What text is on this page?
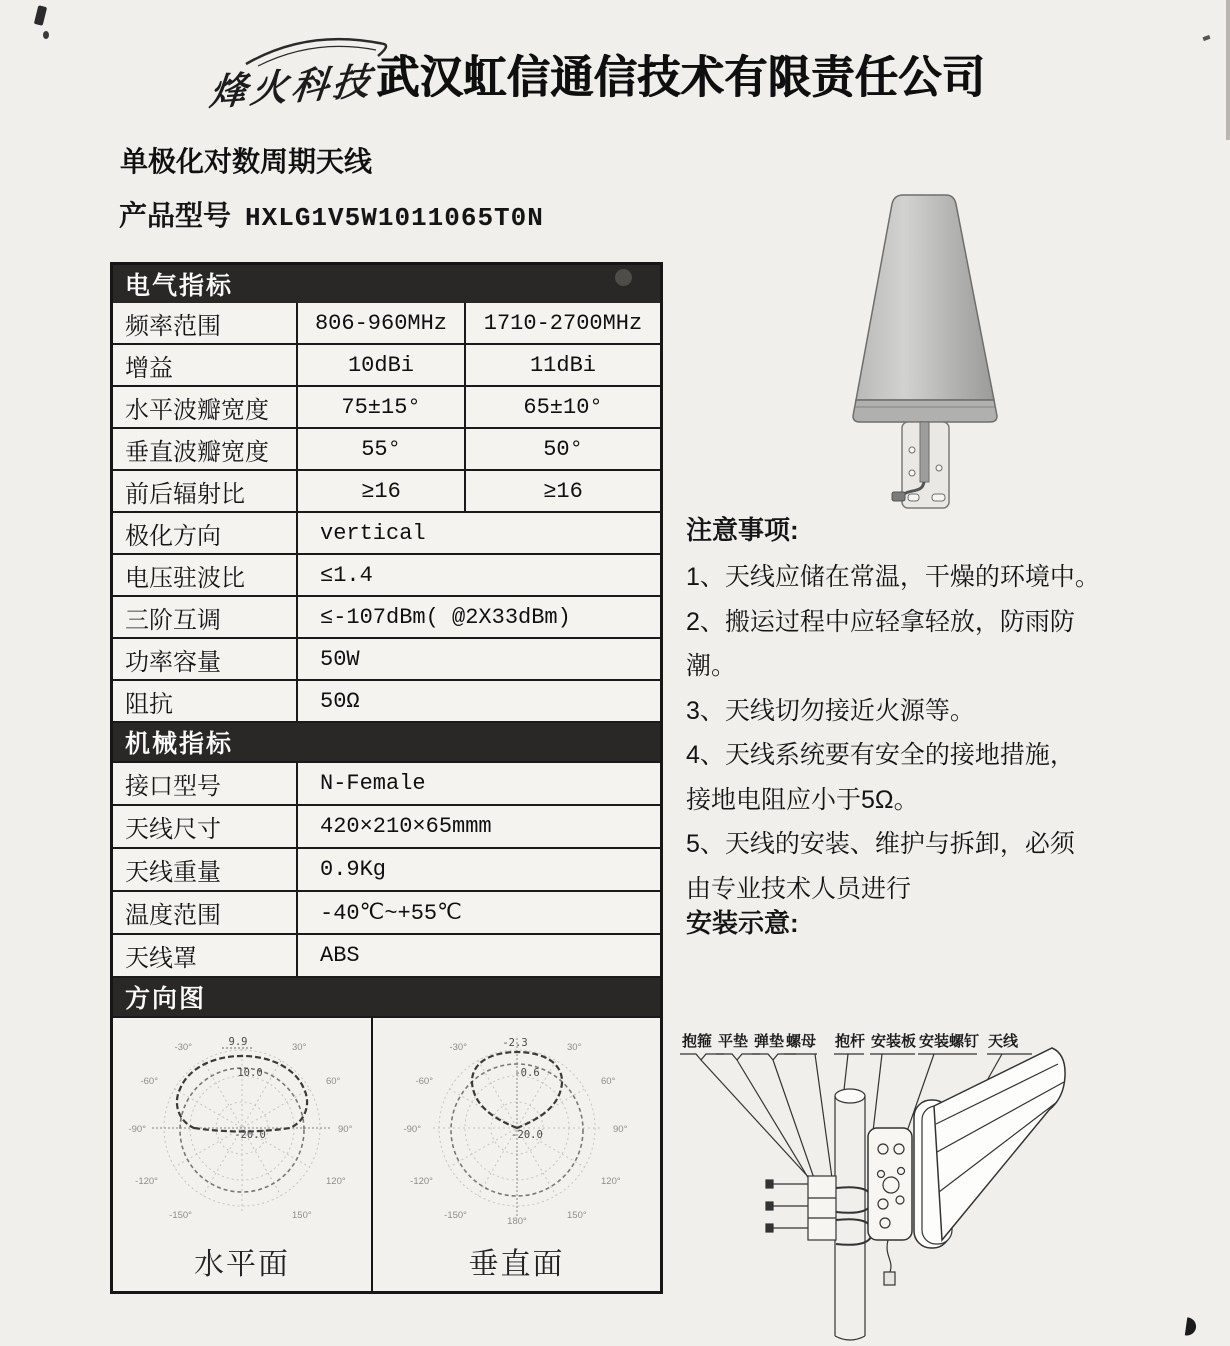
烽火科技 武汉虹信通信技术有限责任公司
单极化对数周期天线
产品型号 HXLG1V5W1011065T0N
电气指标
频率范围	806-960MHz	1710-2700MHz
增益	10dBi	11dBi
水平波瓣宽度	75±15°	65±10°
垂直波瓣宽度	55°	50°
前后辐射比	≥16	≥16
极化方向	vertical
电压驻波比	≤1.4
三阶互调	≤-107dBm( @2X33dBm)
功率容量	50W
阻抗	50Ω
机械指标
接口型号	N-Female
天线尺寸	420×210×65mmm
天线重量	0.9Kg
温度范围	-40℃~+55℃
天线罩	ABS
方向图
9.9
10.0
-20.0
-30°	30°
-60°	60°
-90°	90°
-120°	120°
-150°	150°
水平面
-2.3
-0.6
-20.0
180°
-30°	30°
-60°	60°
-90°	90°
-120°	120°
-150°	150°
垂直面
注意事项:
1、天线应储在常温，干燥的环境中。
2、搬运过程中应轻拿轻放，防雨防
潮。
3、天线切勿接近火源等。
4、天线系统要有安全的接地措施，
接地电阻应小于5Ω。
5、天线的安装、维护与拆卸，必须
由专业技术人员进行
安装示意:
抱箍 平垫 弹垫 螺母 抱杆 安装板 安装螺钉 天线
